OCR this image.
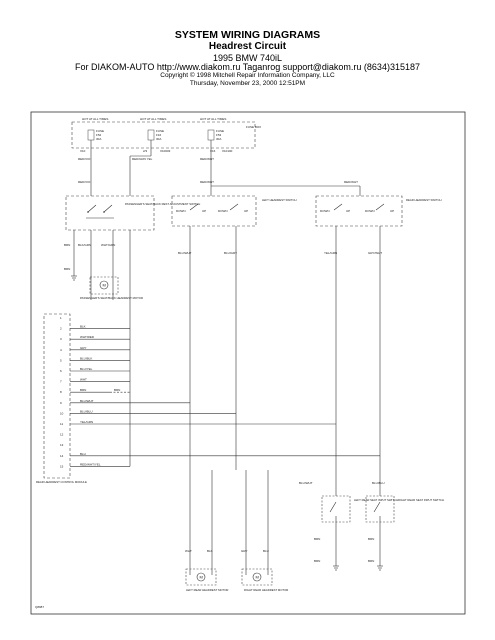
SYSTEM WIRING DIAGRAMS
Headrest Circuit
1995 BMW 740iL
For DIAKOM-AUTO http://www.diakom.ru Taganrog support@diakom.ru (8634)315187
Copyright © 1998 Mitchell Repair Information Company, LLC
Thursday, November 23, 2000 12:51PM
HOT AT ALL TIMES	HOT AT ALL TIMES	HOT AT ALL TIMES
FUSE BOX
FUSE
F52
30A
FUSE
F16
30A
FUSE
F53
30A
X10	2/3	X10003	X16 X10100
RED/VIO	RED/GRN YEL	RED/WHT
RED/VIO	RED/WHT	RED/WHT
PASSENGER'S SEAT/BACK REST ADJUSTMENT SWITCH
BRN	BLK/GRN	WHT/GRN
BRN
M
PASSENGER'S SEAT/BACK HEADREST MOTOR
DOWN	UP	DOWN	UP
LEFT HEADREST SWITCH
BLU/WHT	BLU/GRY
DOWN	UP	DOWN	UP
REAR HEADREST SWITCH
YEL/GRN	GRY/WHT
REAR HEADREST CONTROL MODULE
1
2	BLK
3	WHT/RED
4	GRY
5	BLU/BLK
6	BLU/YEL
7	WHT
8	BRN
9	BLU/WHT
10	BLU/BLU
11	YEL/GRN
12
13
14	BLU
15	RED/WHT/YEL
BRN
WHT	BLK	GRY	BLU
M
LEFT REAR HEADREST MOTOR
M
RIGHT REAR HEADREST MOTOR
BLU/WHT	BLU/BLU
LEFT REAR SEAT INPUT SWITCH RIGHT REAR SEAT INPUT SWITCH
BRN	BRN
BRN	BRN
Q8987
